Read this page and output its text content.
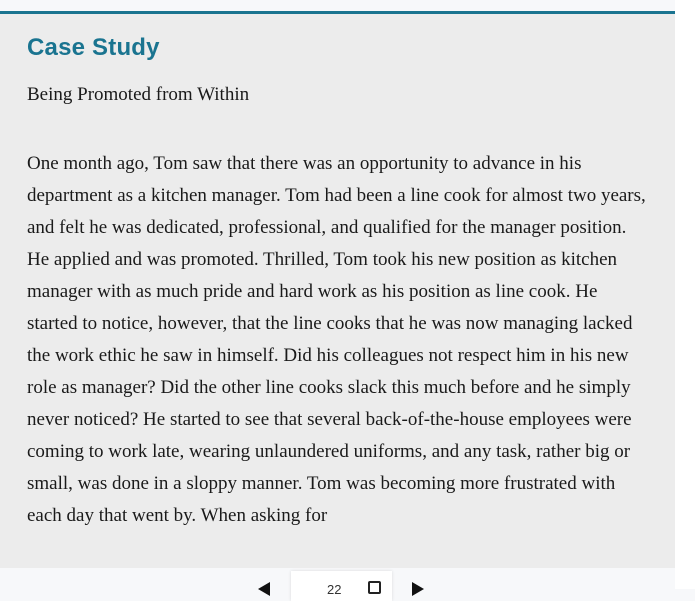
Case Study

Being Promoted from Within

One month ago, Tom saw that there was an opportunity to advance in his department as a kitchen manager. Tom had been a line cook for almost two years, and felt he was dedicated, professional, and qualified for the manager position. He applied and was promoted. Thrilled, Tom took his new position as kitchen manager with as much pride and hard work as his position as line cook. He started to notice, however, that the line cooks that he was now managing lacked the work ethic he saw in himself. Did his colleagues not respect him in his new role as manager? Did the other line cooks slack this much before and he simply never noticed? He started to see that several back-of-the-house employees were coming to work late, wearing unlaundered uniforms, and any task, rather big or small, was done in a sloppy manner. Tom was becoming more frustrated with each day that went by. When asking for

22
